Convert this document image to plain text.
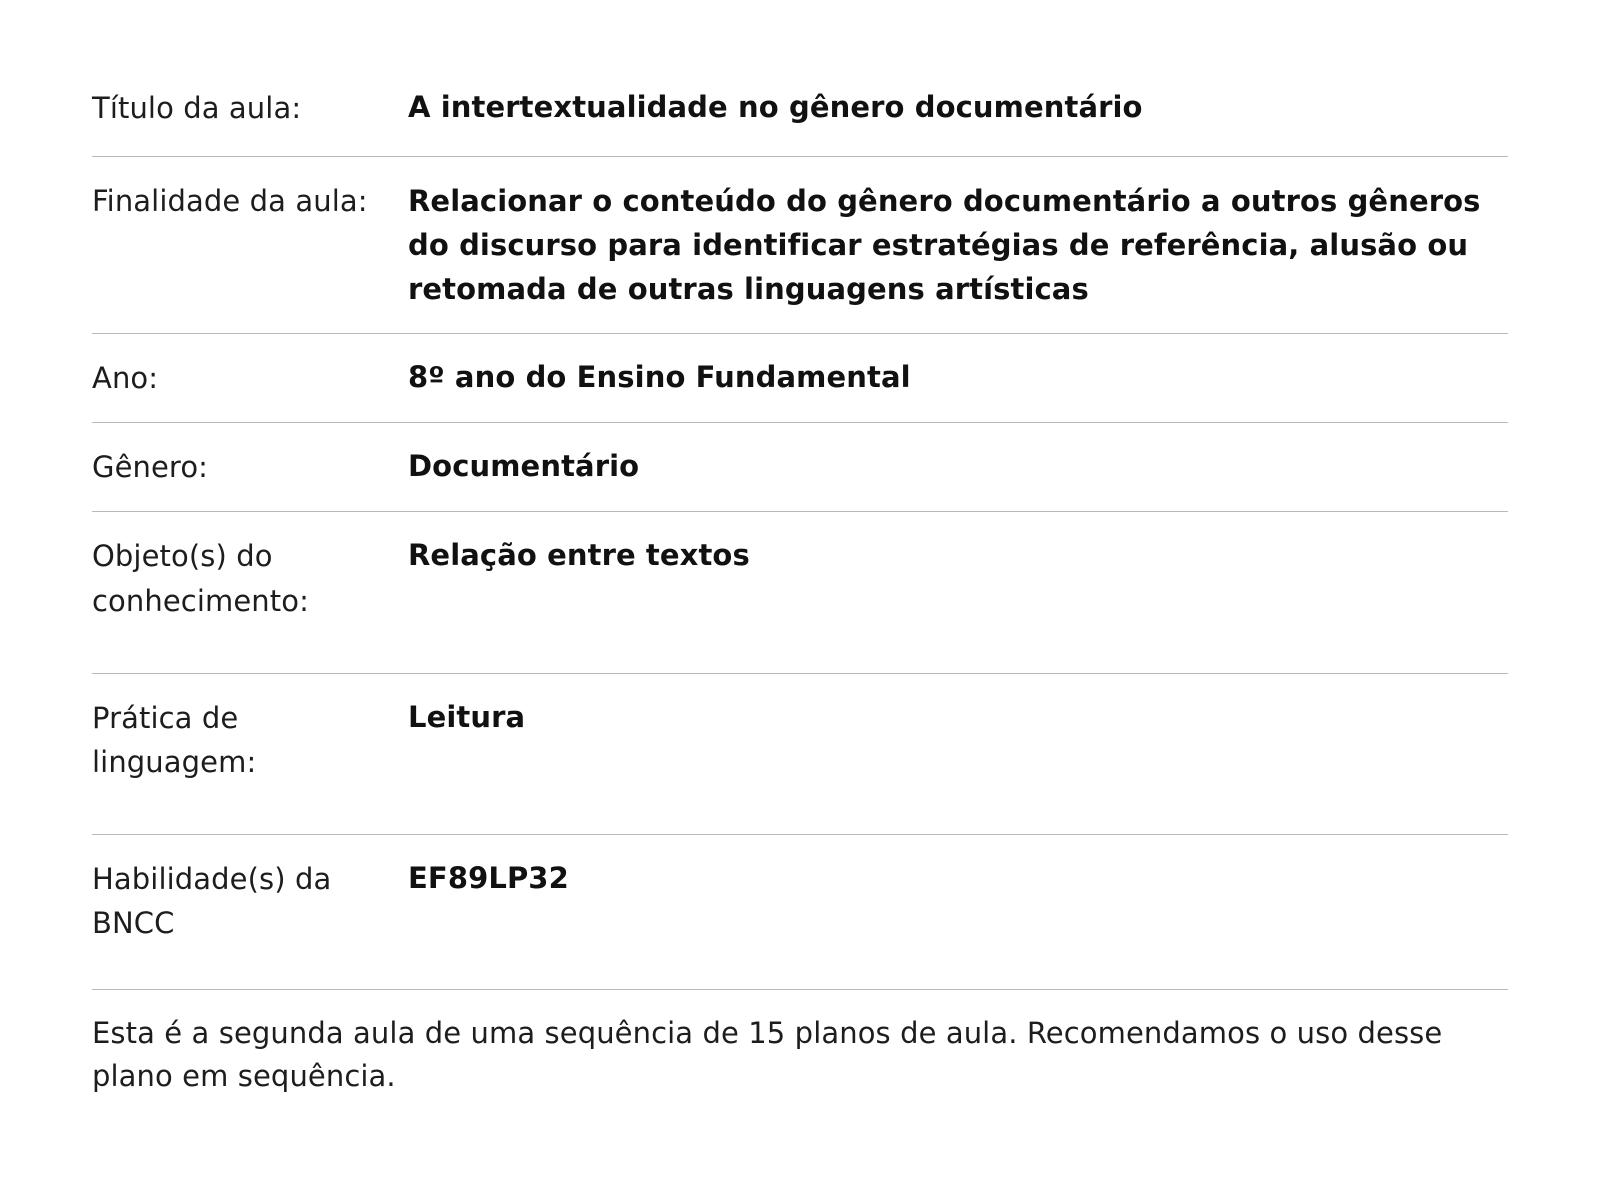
Título da aula:	A intertextualidade no gênero documentário
Finalidade da aula:	Relacionar o conteúdo do gênero documentário a outros gêneros do discurso para identificar estratégias de referência, alusão ou retomada de outras linguagens artísticas
Ano:	8º ano do Ensino Fundamental
Gênero:	Documentário
Objeto(s) do conhecimento:	Relação entre textos
Prática de linguagem:	Leitura
Habilidade(s) da BNCC	EF89LP32
Esta é a segunda aula de uma sequência de 15 planos de aula. Recomendamos o uso desse plano em sequência.	
